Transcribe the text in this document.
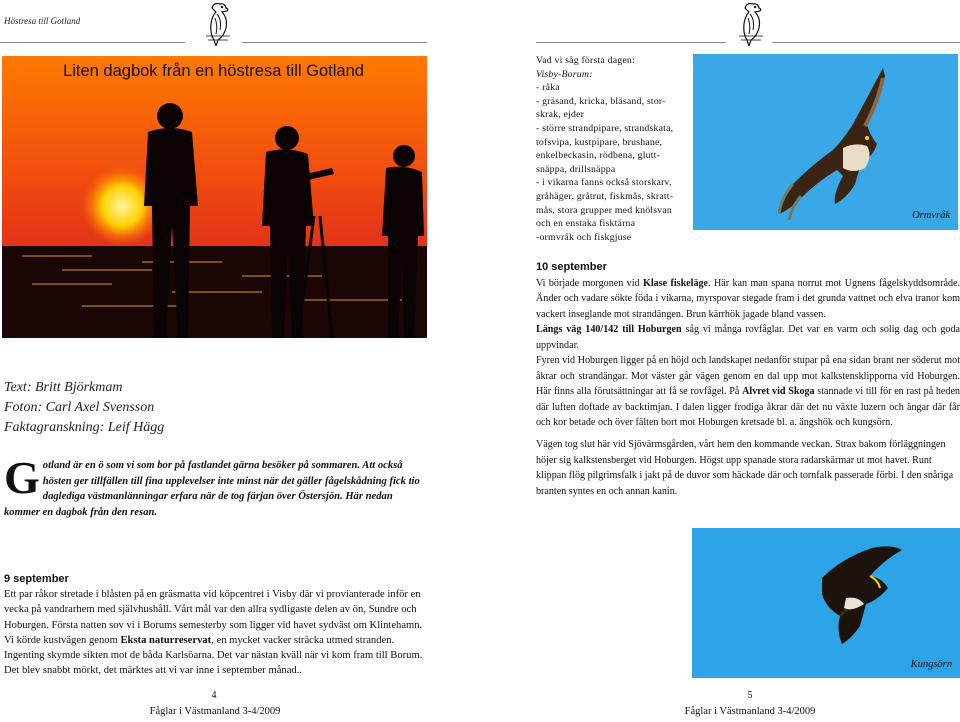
Höstresa till Gotland
Liten dagbok från en höstresa till Gotland
Text: Britt Björkmam
Foton: Carl Axel Svensson
Faktagranskning: Leif Hägg
Gotland är en ö som vi som bor på fastlandet gärna besöker på sommaren. Att också hösten ger tillfällen till fina upplevelser inte minst när det gäller fågelskådning fick tio daglediga västmanlänningar erfara när de tog färjan över Östersjön. Här nedan kommer en dagbok från den resan.
9 september
Ett par råkor stretade i blåsten på en gräsmatta vid köpcentret i Visby där vi provianterade inför en vecka på vandrarhem med självhushåll. Vårt mål var den allra sydligaste delen av ön, Sundre och Hoburgen. Första natten sov vi i Borums semesterby som ligger vid havet sydväst om Klintehamn. Vi körde kustvägen genom Eksta naturreservat, en mycket vacker sträcka utmed stranden. Ingenting skymde sikten mot de båda Karlsöarna. Det var nästan kväll när vi kom fram till Borum. Det blev snabbt mörkt, det märktes att vi var inne i september månad..
4
Fåglar i Västmanland 3-4/2009
Vad vi såg första dagen:
Visby-Borum:
- råka
- gräsand, kricka, bläsand, stor-
skrak, ejder
- större strandpipare, strandskata,
tofsvipa, kustpipare, brushane,
enkelbeckasin, rödbena, glutt-
snäppa, drillsnäppa
- i vikarna fanns också storskarv,
gråhäger, gråtrut, fiskmås, skratt-
mås, stora grupper med knölsvan
och en enstaka fisktärna
-ormvråk och fiskgjuse
Ormvråk
10 september
Vi började morgonen vid Klase fiskeläge. Här kan man spana norrut mot Ugnens fågelskyddsområde. Änder och vadare sökte föda i vikarna, myrspovar stegade fram i det grunda vattnet och elva tranor kom vackert inseglande mot strandängen. Brun kärrhök jagade bland vassen.
Längs väg 140/142 till Hoburgen såg vi många rovfåglar. Det var en varm och solig dag och goda uppvindar.
Fyren vid Hoburgen ligger på en höjd och landskapet nedanför stupar på ena sidan brant ner söderut mot åkrar och strandängar. Mot väster går vägen genom en dal upp mot kalkstensklipporna vid Hoburgen. Här finns alla förutsättningar att få se rovfågel. På Alvret vid Skoga stannade vi till för en rast på heden där luften doftade av backtimjan. I dalen ligger frodiga åkrar där det nu växte luzern och ängar där får och kor betade och över fälten bort mot Hoburgen kretsade bl. a. ängshök och kungsörn.
Vägen tog slut här vid Sjövärmsgården, vårt hem den kommande veckan. Strax bakom förläggningen höjer sig kalkstensberget vid Hoburgen. Högst upp spanade stora radarskärmar ut mot havet. Runt klippan flög pilgrimsfalk i jakt på de duvor som häckade där och tornfalk passerade förbi. I den snåriga branten syntes en och annan kanin.
Kungsörn
5
Fåglar i Västmanland 3-4/2009
